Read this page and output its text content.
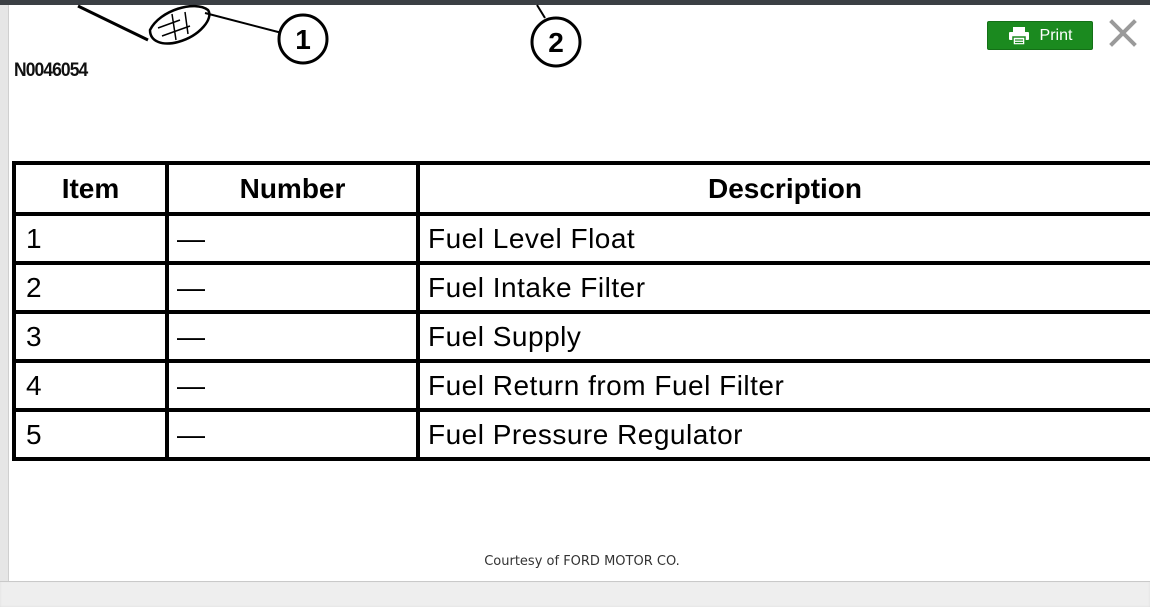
1	2
N0046054
Print
Item	Number	Description
1	—	Fuel Level Float
2	—	Fuel Intake Filter
3	—	Fuel Supply
4	—	Fuel Return from Fuel Filter
5	—	Fuel Pressure Regulator
Courtesy of FORD MOTOR CO.
